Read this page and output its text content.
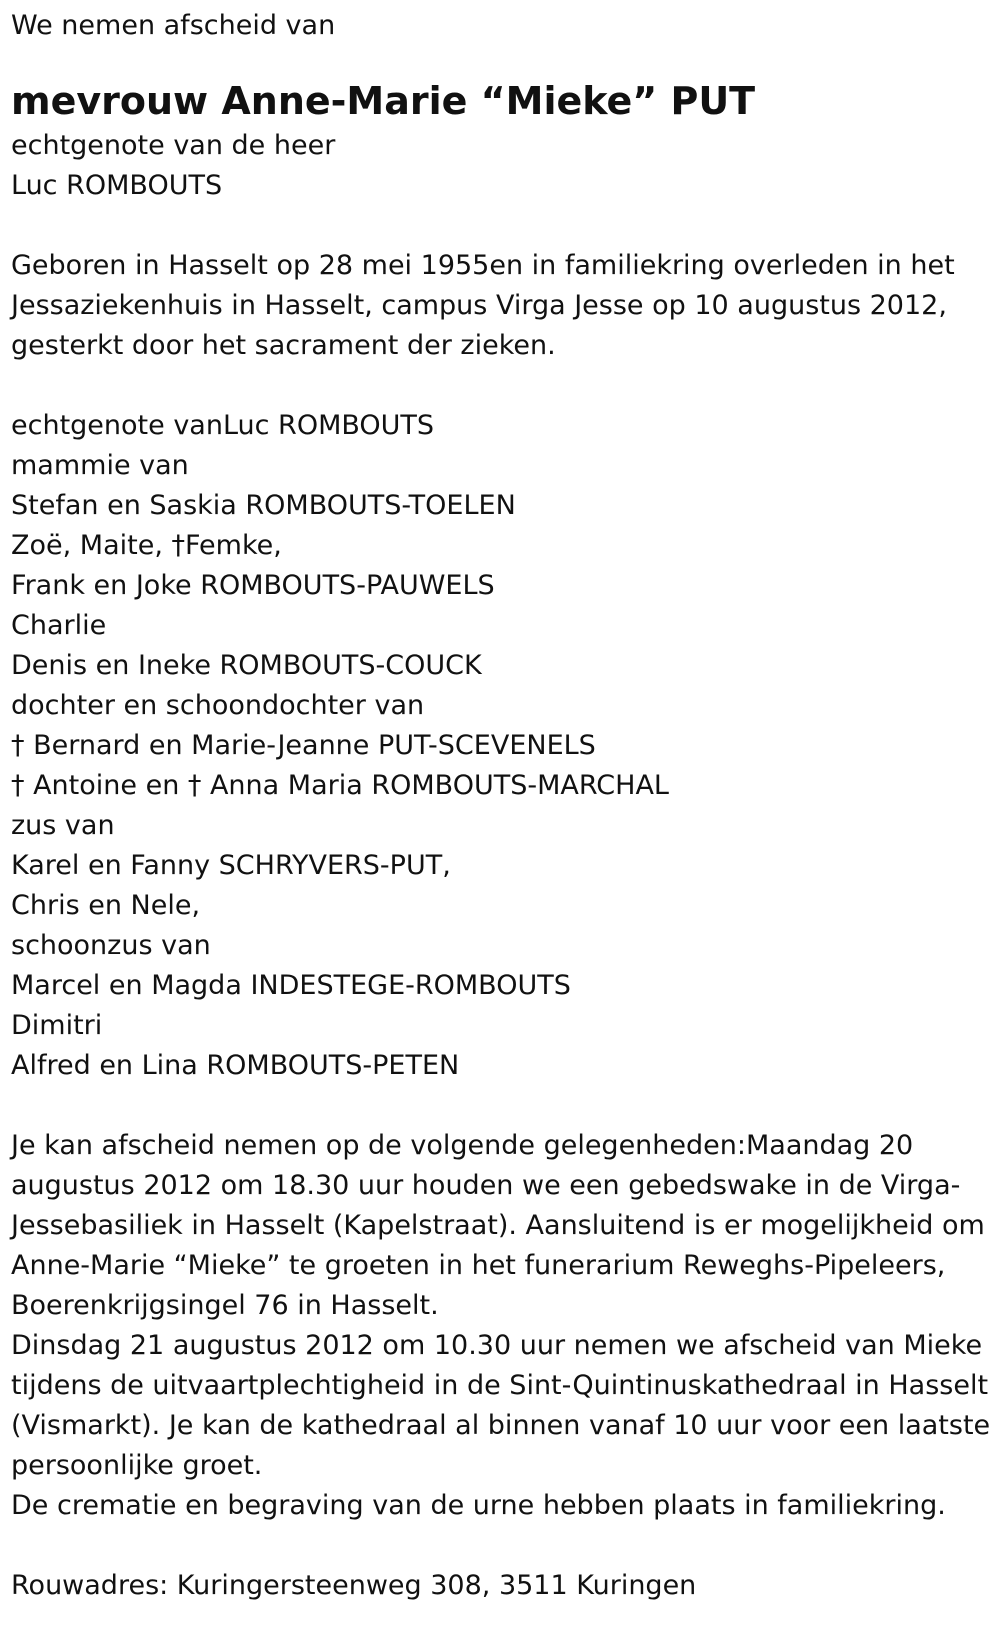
We nemen afscheid van

mevrouw Anne-Marie “Mieke” PUT

echtgenote van de heer

Luc ROMBOUTS

Geboren in Hasselt op 28 mei 1955en in familiekring overleden in het

Jessaziekenhuis in Hasselt, campus Virga Jesse op 10 augustus 2012,

gesterkt door het sacrament der zieken.

echtgenote vanLuc ROMBOUTS

mammie van

Stefan en Saskia ROMBOUTS-TOELEN

Zoë, Maite, †Femke,

Frank en Joke ROMBOUTS-PAUWELS

Charlie

Denis en Ineke ROMBOUTS-COUCK

dochter en schoondochter van

† Bernard en Marie-Jeanne PUT-SCEVENELS

† Antoine en † Anna Maria ROMBOUTS-MARCHAL

zus van

Karel en Fanny SCHRYVERS-PUT,

Chris en Nele,

schoonzus van

Marcel en Magda INDESTEGE-ROMBOUTS

Dimitri

Alfred en Lina ROMBOUTS-PETEN

Je kan afscheid nemen op de volgende gelegenheden:Maandag 20

augustus 2012 om 18.30 uur houden we een gebedswake in de Virga-

Jessebasiliek in Hasselt (Kapelstraat). Aansluitend is er mogelijkheid om

Anne-Marie “Mieke” te groeten in het funerarium Reweghs-Pipeleers,

Boerenkrijgsingel 76 in Hasselt.

Dinsdag 21 augustus 2012 om 10.30 uur nemen we afscheid van Mieke

tijdens de uitvaartplechtigheid in de Sint-Quintinuskathedraal in Hasselt

(Vismarkt). Je kan de kathedraal al binnen vanaf 10 uur voor een laatste

persoonlijke groet.

De crematie en begraving van de urne hebben plaats in familiekring.

Rouwadres: Kuringersteenweg 308, 3511 Kuringen
